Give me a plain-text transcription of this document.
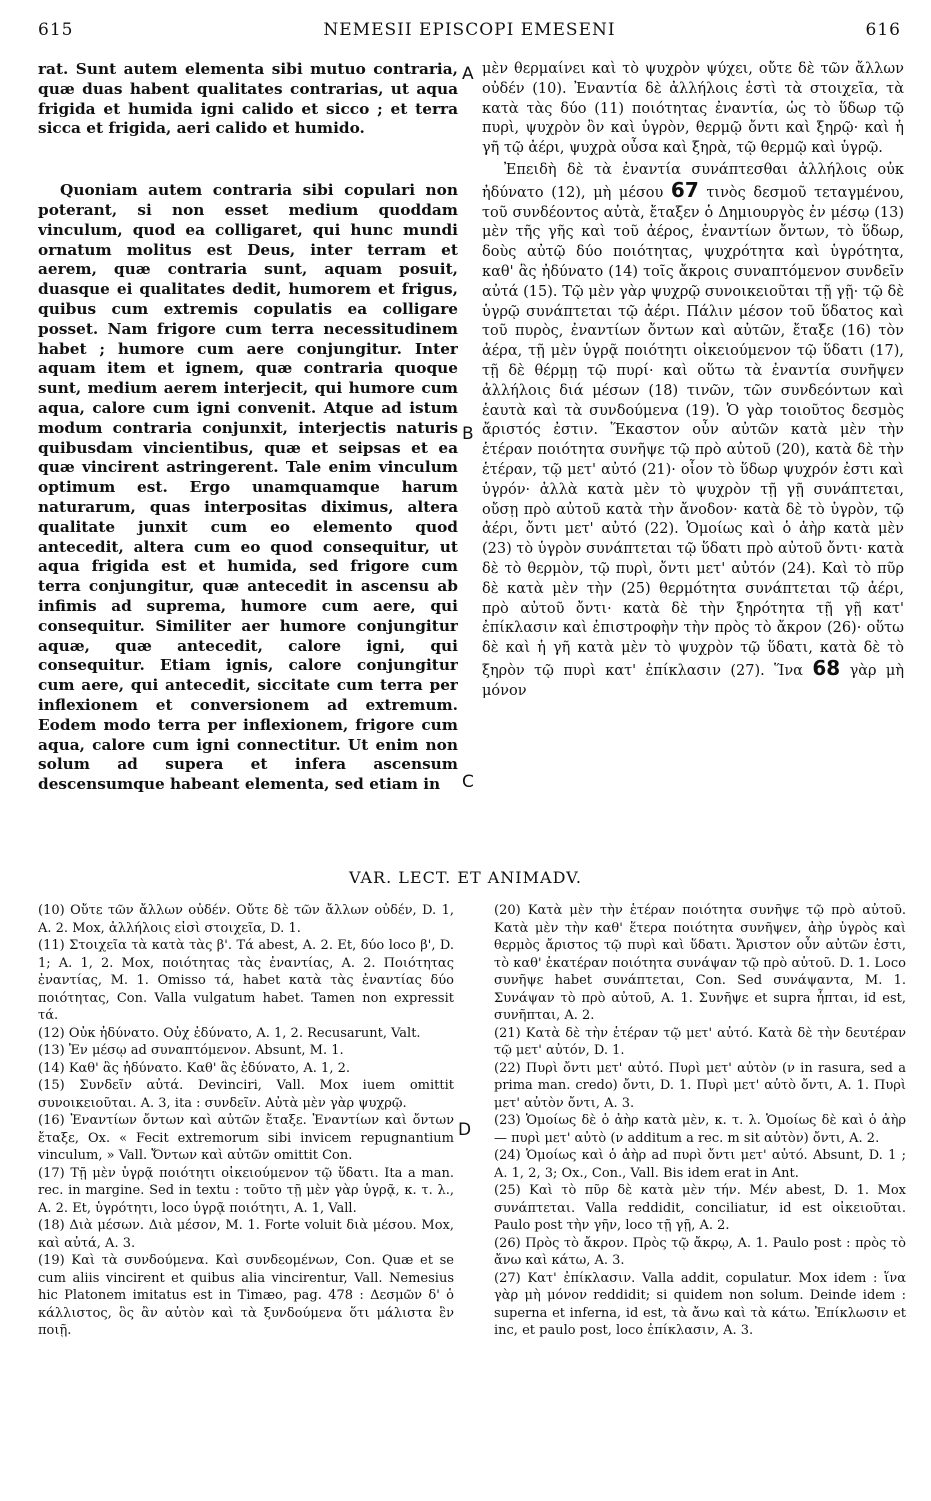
615	NEMESII EPISCOPI EMESENI	616

rat. Sunt autem elementa sibi mutuo contraria, quæ duas habent qualitates contrarias, ut aqua frigida et humida igni calido et sicco ; et terra sicca et frigida, aeri calido et humido.

Quoniam autem contraria sibi copulari non poterant, si non esset medium quoddam vinculum, quod ea colligaret, qui hunc mundi ornatum molitus est Deus, inter terram et aerem, quæ contraria sunt, aquam posuit, duasque ei qualitates dedit, humorem et frigus, quibus cum extremis copulatis ea colligare posset. Nam frigore cum terra necessitudinem habet ; humore cum aere conjungitur. Inter aquam item et ignem, quæ contraria quoque sunt, medium aerem interjecit, qui humore cum aqua, calore cum igni convenit. Atque ad istum modum contraria conjunxit, interjectis naturis quibusdam vincientibus, quæ et seipsas et ea quæ vincirent astringerent. Tale enim vinculum optimum est. Ergo unamquamque harum naturarum, quas interpositas diximus, altera qualitate junxit cum eo elemento quod antecedit, altera cum eo quod consequitur, ut aqua frigida est et humida, sed frigore cum terra conjungitur, quæ antecedit in ascensu ab infimis ad suprema, humore cum aere, qui consequitur. Similiter aer humore conjungitur aquæ, quæ antecedit, calore igni, qui consequitur. Etiam ignis, calore conjungitur cum aere, qui antecedit, siccitate cum terra per inflexionem et conversionem ad extremum. Eodem modo terra per inflexionem, frigore cum aqua, calore cum igni connectitur. Ut enim non solum ad supera et infera ascensum descensumque habeant elementa, sed etiam in

A
B
C
D

μὲν θερμαίνει καὶ τὸ ψυχρὸν ψύχει, οὔτε δὲ τῶν ἄλλων οὐδέν (10). Ἐναντία δὲ ἀλλήλοις ἐστὶ τὰ στοιχεῖα, τὰ κατὰ τὰς δύο (11) ποιότητας ἐναντία, ὡς τὸ ὕδωρ τῷ πυρὶ, ψυχρὸν ὂν καὶ ὑγρὸν, θερμῷ ὄντι καὶ ξηρῷ· καὶ ἡ γῆ τῷ ἀέρι, ψυχρὰ οὖσα καὶ ξηρὰ, τῷ θερμῷ καὶ ὑγρῷ.

Ἐπειδὴ δὲ τὰ ἐναντία συνάπτεσθαι ἀλλήλοις οὐκ ἠδύνατο (12), μὴ μέσου 67 τινὸς δεσμοῦ τεταγμένου, τοῦ συνδέοντος αὐτὰ, ἔταξεν ὁ Δημιουργὸς ἐν μέσῳ (13) μὲν τῆς γῆς καὶ τοῦ ἀέρος, ἐναντίων ὄντων, τὸ ὕδωρ, δοὺς αὐτῷ δύο ποιότητας, ψυχρότητα καὶ ὑγρότητα, καθ' ἃς ἠδύνατο (14) τοῖς ἄκροις συναπτόμενον συνδεῖν αὐτά (15). Τῷ μὲν γὰρ ψυχρῷ συνοικειοῦται τῇ γῇ· τῷ δὲ ὑγρῷ συνάπτεται τῷ ἀέρι. Πάλιν μέσον τοῦ ὕδατος καὶ τοῦ πυρὸς, ἐναντίων ὄντων καὶ αὐτῶν, ἔταξε (16) τὸν ἀέρα, τῇ μὲν ὑγρᾷ ποιότητι οἰκειούμενον τῷ ὕδατι (17), τῇ δὲ θέρμῃ τῷ πυρί· καὶ οὕτω τὰ ἐναντία συνῆψεν ἀλλήλοις διά μέσων (18) τινῶν, τῶν συνδεόντων καὶ ἑαυτὰ καὶ τὰ συνδούμενα (19). Ὁ γὰρ τοιοῦτος δεσμὸς ἄριστός ἐστιν. Ἕκαστον οὖν αὐτῶν κατὰ μὲν τὴν ἑτέραν ποιότητα συνῆψε τῷ πρὸ αὐτοῦ (20), κατὰ δὲ τὴν ἑτέραν, τῷ μετ' αὐτό (21)· οἷον τὸ ὕδωρ ψυχρόν ἐστι καὶ ὑγρόν· ἀλλὰ κατὰ μὲν τὸ ψυχρὸν τῇ γῇ συνάπτεται, οὔσῃ πρὸ αὐτοῦ κατὰ τὴν ἄνοδον· κατὰ δὲ τὸ ὑγρὸν, τῷ ἀέρι, ὄντι μετ' αὐτό (22). Ὁμοίως καὶ ὁ ἀὴρ κατὰ μὲν (23) τὸ ὑγρὸν συνάπτεται τῷ ὕδατι πρὸ αὐτοῦ ὄντι· κατὰ δὲ τὸ θερμὸν, τῷ πυρὶ, ὄντι μετ' αὐτόν (24). Καὶ τὸ πῦρ δὲ κατὰ μὲν τὴν (25) θερμότητα συνάπτεται τῷ ἀέρι, πρὸ αὐτοῦ ὄντι· κατὰ δὲ τὴν ξηρότητα τῇ γῇ κατ' ἐπίκλασιν καὶ ἐπιστροφὴν τὴν πρὸς τὸ ἄκρον (26)· οὕτω δὲ καὶ ἡ γῆ κατὰ μὲν τὸ ψυχρὸν τῷ ὕδατι, κατὰ δὲ τὸ ξηρὸν τῷ πυρὶ κατ' ἐπίκλασιν (27). Ἵνα 68 γὰρ μὴ μόνον

VAR. LECT. ET ANIMADV.

(10) Οὔτε τῶν ἄλλων οὐδέν. Οὔτε δὲ τῶν ἄλλων οὐδέν, D. 1, A. 2. Mox, ἀλλήλοις εἰσὶ στοιχεῖα, D. 1.

(11) Στοιχεῖα τὰ κατὰ τὰς β'. Τά abest, A. 2. Et, δύο loco β', D. 1; A. 1, 2. Mox, ποιότητας τὰς ἐναντίας, A. 2. Ποιότητας ἐναντίας, M. 1. Omisso τά, habet κατὰ τὰς ἐναντίας δύο ποιότητας, Con. Valla vulgatum habet. Tamen non expressit τά.

(12) Οὐκ ἠδύνατο. Οὐχ ἐδύνατο, A. 1, 2. Recusarunt, Valt.

(13) Ἐν μέσῳ ad συναπτόμενον. Absunt, M. 1.

(14) Καθ' ἃς ἠδύνατο. Καθ' ἃς ἐδύνατο, A. 1, 2.

(15) Συνδεῖν αὐτά. Devinciri, Vall. Mox iuem omittit συνοικειοῦται. A. 3, ita : συνδεῖν. Αὐτὰ μὲν γὰρ ψυχρῷ.

(16) Ἐναντίων ὄντων καὶ αὐτῶν ἔταξε. Ἐναντίων καὶ ὄντων ἔταξε, Ox. « Fecit extremorum sibi invicem repugnantium vinculum, » Vall. Ὄντων καὶ αὐτῶν omittit Con.

(17) Τῇ μὲν ὑγρᾷ ποιότητι οἰκειούμενον τῷ ὕδατι. Ita a man. rec. in margine. Sed in textu : τοῦτο τῇ μὲν γὰρ ὑγρᾷ, κ. τ. λ., A. 2. Et, ὑγρότητι, loco ὑγρᾷ ποιότητι, A. 1, Vall.

(18) Διὰ μέσων. Διὰ μέσον, M. 1. Forte voluit διὰ μέσου. Mox, καὶ αὐτά, A. 3.

(19) Καὶ τὰ συνδούμενα. Καὶ συνδεομένων, Con. Quæ et se cum aliis vincirent et quibus alia vincirentur, Vall. Nemesius hic Platonem imitatus est in Timæo, pag. 478 : Δεσμῶν δ' ὁ κάλλιστος, ὃς ἂν αὐτὸν καὶ τὰ ξυνδούμενα ὅτι μάλιστα ἓν ποιῇ.

(20) Κατὰ μὲν τὴν ἑτέραν ποιότητα συνῆψε τῷ πρὸ αὐτοῦ. Κατὰ μὲν τὴν καθ' ἕτερα ποιότητα συνῆψεν, ἀὴρ ὑγρὸς καὶ θερμὸς ἄριστος τῷ πυρὶ καὶ ὕδατι. Ἄριστον οὖν αὐτῶν ἐστι, τὸ καθ' ἑκατέραν ποιότητα συνάψαν τῷ πρὸ αὐτοῦ. D. 1. Loco συνῆψε habet συνάπτεται, Con. Sed συνάψαντα, M. 1. Συνάψαν τὸ πρὸ αὐτοῦ, A. 1. Συνῆψε et supra ἧπται, id est, συνῆπται, A. 2.

(21) Κατὰ δὲ τὴν ἑτέραν τῷ μετ' αὐτό. Κατὰ δὲ τὴν δευτέραν τῷ μετ' αὐτόν, D. 1.

(22) Πυρὶ ὄντι μετ' αὐτό. Πυρὶ μετ' αὐτὸν (ν in rasura, sed a prima man. credo) ὄντι, D. 1. Πυρὶ μετ' αὐτὸ ὄντι, A. 1. Πυρὶ μετ' αὐτὸν ὄντι, A. 3.

(23) Ὁμοίως δὲ ὁ ἀὴρ κατὰ μὲν, κ. τ. λ. Ὁμοίως δὲ καὶ ὁ ἀὴρ — πυρὶ μετ' αὐτὸ (ν additum a rec. m sit αὐτὸν) ὄντι, A. 2.

(24) Ὁμοίως καὶ ὁ ἀὴρ ad πυρὶ ὄντι μετ' αὐτό. Absunt, D. 1 ; A. 1, 2, 3; Ox., Con., Vall. Bis idem erat in Ant.

(25) Καὶ τὸ πῦρ δὲ κατὰ μὲν τήν. Μέν abest, D. 1. Mox συνάπτεται. Valla reddidit, conciliatur, id est οἰκειοῦται. Paulo post τὴν γῆν, loco τῇ γῇ, A. 2.

(26) Πρὸς τὸ ἄκρον. Πρὸς τῷ ἄκρῳ, A. 1. Paulo post : πρὸς τὸ ἄνω καὶ κάτω, A. 3.

(27) Κατ' ἐπίκλασιν. Valla addit, copulatur. Mox idem : ἵνα γὰρ μὴ μόνον reddidit; si quidem non solum. Deinde idem : superna et inferna, id est, τὰ ἄνω καὶ τὰ κάτω. Ἐπίκλωσιν et inc, et paulo post, loco ἐπίκλασιν, A. 3.
